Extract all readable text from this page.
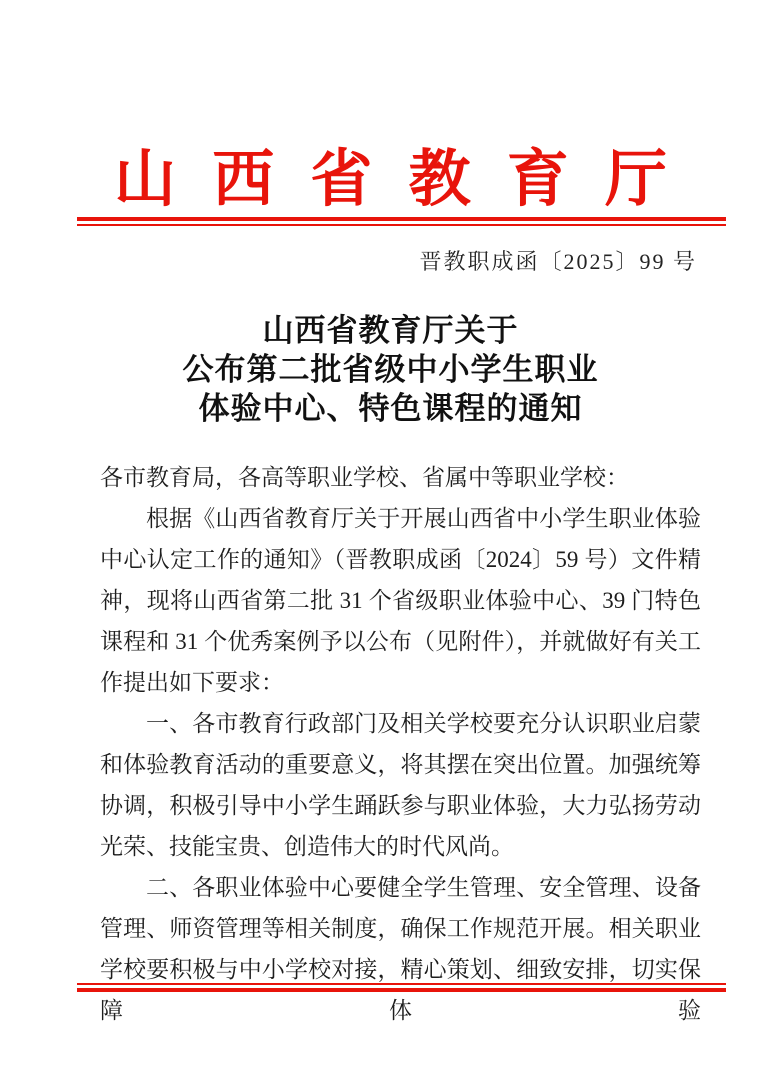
山 西 省 教 育 厅
晋教职成函〔2025〕99 号
山西省教育厅关于
公布第二批省级中小学生职业
体验中心、特色课程的通知

各市教育局，各高等职业学校、省属中等职业学校：

根据《山西省教育厅关于开展山西省中小学生职业体验中心认定工作的通知》（晋教职成函〔2024〕59 号）文件精神，现将山西省第二批 31 个省级职业体验中心、39 门特色课程和 31 个优秀案例予以公布（见附件），并就做好有关工作提出如下要求：

一、各市教育行政部门及相关学校要充分认识职业启蒙和体验教育活动的重要意义，将其摆在突出位置。加强统筹协调，积极引导中小学生踊跃参与职业体验，大力弘扬劳动光荣、技能宝贵、创造伟大的时代风尚。

二、各职业体验中心要健全学生管理、安全管理、设备管理、师资管理等相关制度，确保工作规范开展。相关职业学校要积极与中小学校对接，精心策划、细致安排，切实保障体验
